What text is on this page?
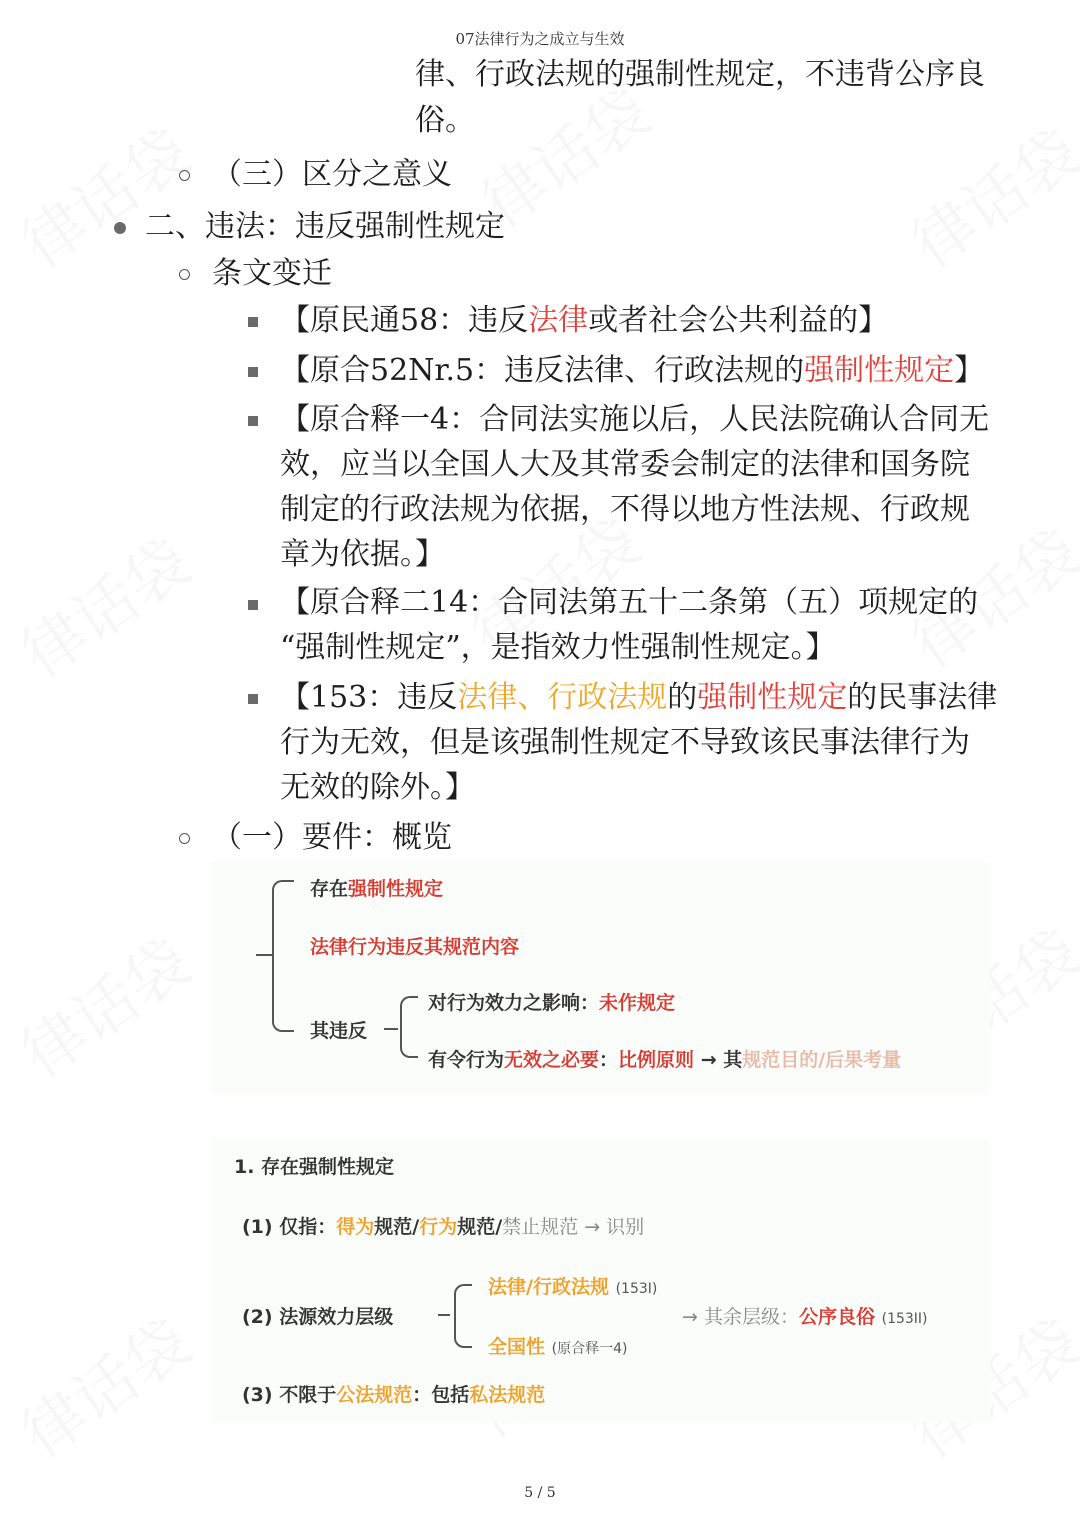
07法律行为之成立与生效
律、行政法规的强制性规定，不违背公序良
俗。
（三）区分之意义
二、违法：违反强制性规定
条文变迁
【原民通58：违反法律或者社会公共利益的】
【原合52Nr.5：违反法律、行政法规的强制性规定】
【原合释一4：合同法实施以后，人民法院确认合同无
效，应当以全国人大及其常委会制定的法律和国务院
制定的行政法规为依据，不得以地方性法规、行政规
章为依据。】
【原合释二14：合同法第五十二条第（五）项规定的
“强制性规定”，是指效力性强制性规定。】
【153：违反法律、行政法规的强制性规定的民事法律
行为无效，但是该强制性规定不导致该民事法律行为
无效的除外。】
（一）要件：概览
存在强制性规定
法律行为违反其规范内容
其违反
对行为效力之影响：未作规定
有令行为无效之必要：比例原则 → 其规范目的/后果考量
1. 存在强制性规定
(1) 仅指：得为规范/行为规范/禁止规范 → 识别
(2) 法源效力层级
法律/行政法规 (153I)
全国性 (原合释一4)
→ 其余层级：公序良俗 (153II)
(3) 不限于公法规范：包括私法规范
5 / 5
